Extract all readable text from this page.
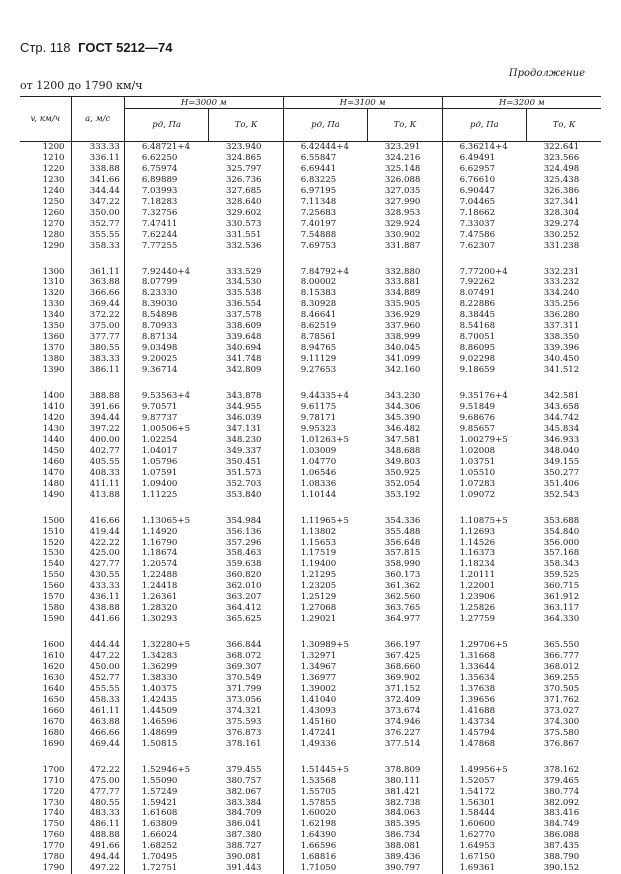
Стр. 118 ГОСТ 5212—74
Продолжение
от 1200 до 1790 км/ч
v, км/ч	a, м/с	H=3000 м		H=3100 м		H=3200 м	
		pд, Па	Tо, К	pд, Па	Tо, К	pд, Па	Tо, К
1200	333.33	6.48721+4	323.940	6.42444+4	323.291	6.36214+4	322.641
1210	336.11	6.62250	324.865	6.55847	324.216	6.49491	323.566
1220	338.88	6.75974	325.797	6.69441	325.148	6.62957	324.498
1230	341.66	6.89889	326.736	6.83225	326.088	6.76610	325.438
1240	344.44	7.03993	327.685	6.97195	327.035	6.90447	326.386
1250	347.22	7.18283	328.640	7.11348	327.990	7.04465	327.341
1260	350.00	7.32756	329.602	7.25683	328.953	7.18662	328.304
1270	352.77	7.47411	330.573	7.40197	329.924	7.33037	329.274
1280	355.55	7.62244	331.551	7.54888	330.902	7.47586	330.252
1290	358.33	7.77255	332.536	7.69753	331.887	7.62307	331.238

1300	361.11	7.92440+4	333.529	7.84792+4	332.880	7.77200+4	332.231
1310	363.88	8.07799	334.530	8.00002	333.881	7.92262	333.232
1320	366.66	8.23330	335.538	8.15383	334.889	8.07491	334.240
1330	369.44	8.39030	336.554	8.30928	335.905	8.22886	335.256
1340	372.22	8.54898	337.578	8.46641	336.929	8.38445	336.280
1350	375.00	8.70933	338.609	8.62519	337.960	8.54168	337.311
1360	377.77	8.87134	339.648	8.78561	338.999	8.70051	338.350
1370	380.55	9.03498	340.694	8.94765	340.045	8.86095	339.396
1380	383.33	9.20025	341.748	9.11129	341.099	9.02298	340.450
1390	386.11	9.36714	342.809	9.27653	342.160	9.18659	341.512

1400	388.88	9.53563+4	343.878	9.44335+4	343.230	9.35176+4	342.581
1410	391.66	9.70571	344.955	9.61175	344.306	9.51849	343.658
1420	394.44	9.87737	346.039	9.78171	345.390	9.68676	344.742
1430	397.22	1.00506+5	347.131	9.95323	346.482	9.85657	345.834
1440	400.00	1.02254	348.230	1.01263+5	347.581	1.00279+5	346.933
1450	402.77	1.04017	349.337	1.03009	348.688	1.02008	348.040
1460	405.55	1.05796	350.451	1.04770	349.803	1.03751	349.155
1470	408.33	1.07591	351.573	1.06546	350.925	1.05510	350.277
1480	411.11	1.09400	352.703	1.08336	352.054	1.07283	351.406
1490	413.88	1.11225	353.840	1.10144	353.192	1.09072	352.543

1500	416.66	1.13065+5	354.984	1.11965+5	354.336	1.10875+5	353.688
1510	419.44	1.14920	356.136	1.13802	355.488	1.12693	354.840
1520	422.22	1.16790	357.296	1.15653	356.648	1.14526	356.000
1530	425.00	1.18674	358.463	1.17519	357.815	1.16373	357.168
1540	427.77	1.20574	359.638	1.19400	358.990	1.18234	358.343
1550	430.55	1.22488	360.820	1.21295	360.173	1.20111	359.525
1560	433.33	1.24418	362.010	1.23205	361.362	1.22001	360.715
1570	436.11	1.26361	363.207	1.25129	362.560	1.23906	361.912
1580	438.88	1.28320	364.412	1.27068	363.765	1.25826	363.117
1590	441.66	1.30293	365.625	1.29021	364.977	1.27759	364.330

1600	444.44	1.32280+5	366.844	1.30989+5	366.197	1.29706+5	365.550
1610	447.22	1.34283	368.072	1.32971	367.425	1.31668	366.777
1620	450.00	1.36299	369.307	1.34967	368.660	1.33644	368.012
1630	452.77	1.38330	370.549	1.36977	369.902	1.35634	369.255
1640	455.55	1.40375	371.799	1.39002	371.152	1.37638	370.505
1650	458.33	1.42435	373.056	1.41040	372.409	1.39656	371.762
1660	461.11	1.44509	374.321	1.43093	373.674	1.41688	373.027
1670	463.88	1.46596	375.593	1.45160	374.946	1.43734	374.300
1680	466.66	1.48699	376.873	1.47241	376.227	1.45794	375.580
1690	469.44	1.50815	378.161	1.49336	377.514	1.47868	376.867

1700	472.22	1.52946+5	379.455	1.51445+5	378.809	1.49956+5	378.162
1710	475.00	1.55090	380.757	1.53568	380.111	1.52057	379.465
1720	477.77	1.57249	382.067	1.55705	381.421	1.54172	380.774
1730	480.55	1.59421	383.384	1.57855	382.738	1.56301	382.092
1740	483.33	1.61608	384.709	1.60020	384.063	1.58444	383.416
1750	486.11	1.63809	386.041	1.62198	385.395	1.60600	384.749
1760	488.88	1.66024	387.380	1.64390	386.734	1.62770	386.088
1770	491.66	1.68252	388.727	1.66596	388.081	1.64953	387.435
1780	494.44	1.70495	390.081	1.68816	389.436	1.67150	388.790
1790	497.22	1.72751	391.443	1.71050	390.797	1.69361	390.152
